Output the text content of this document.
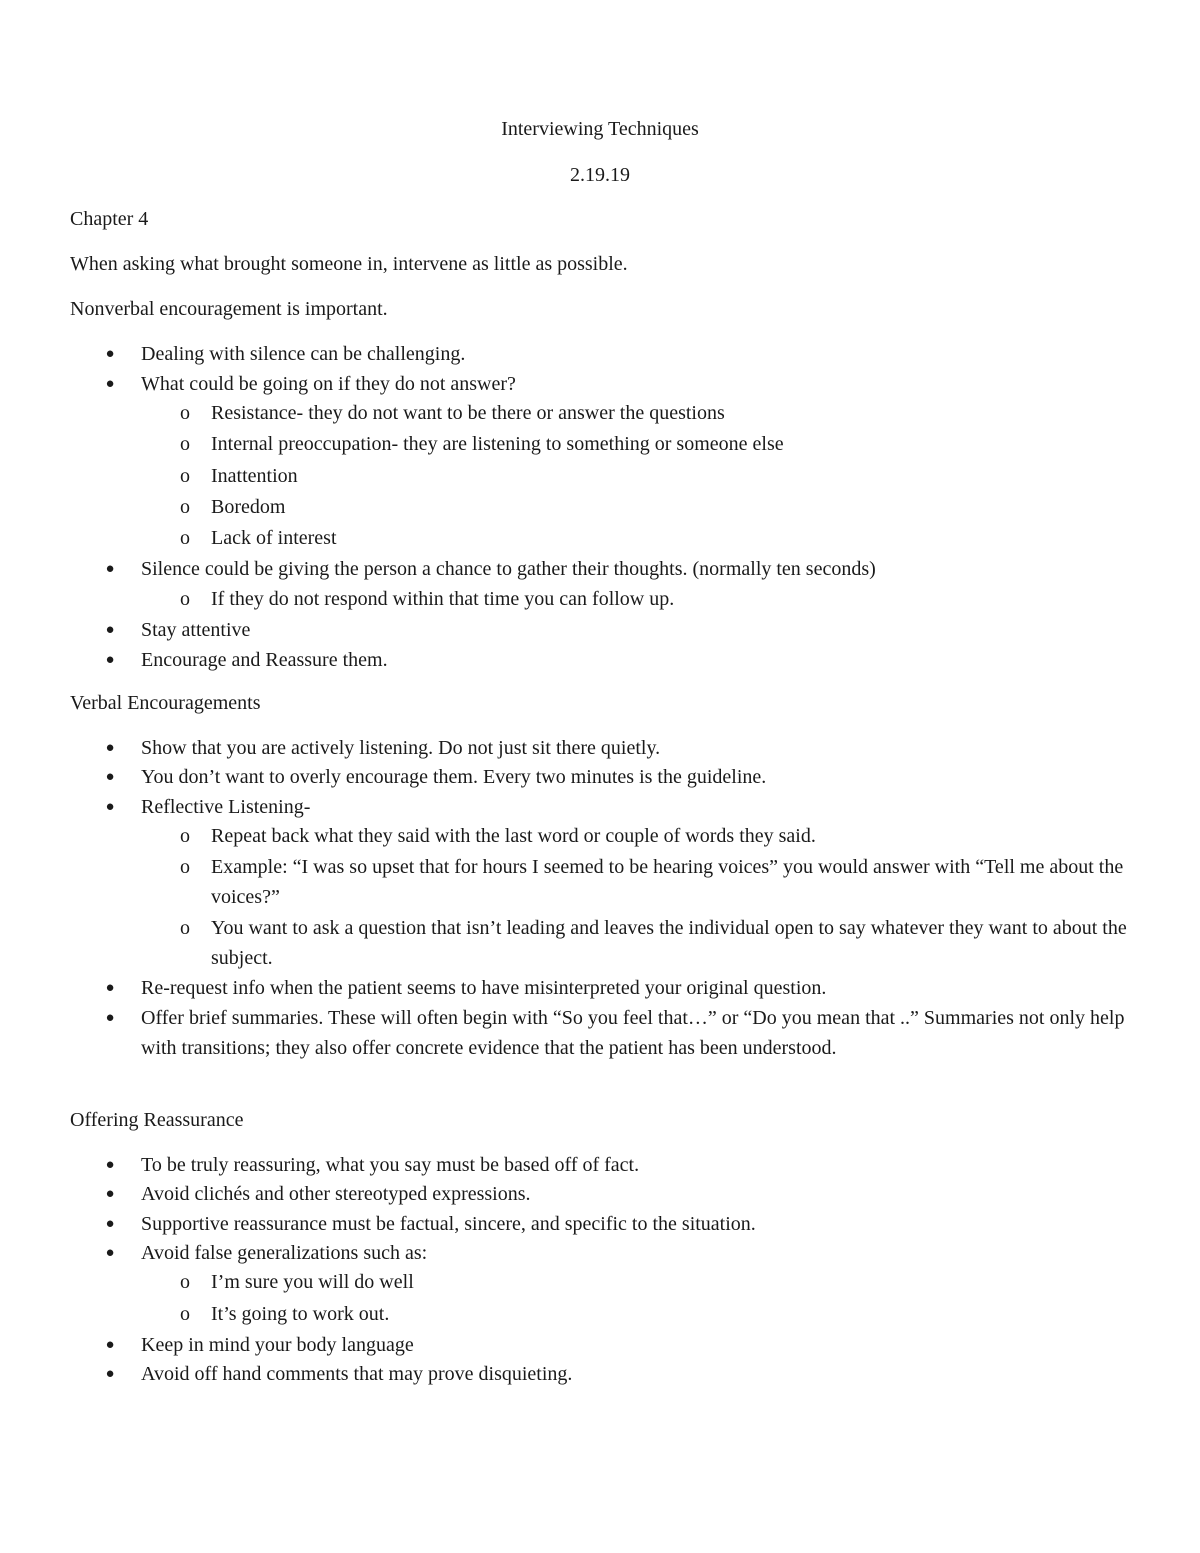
Interviewing Techniques

2.19.19

Chapter 4

When asking what brought someone in, intervene as little as possible.

Nonverbal encouragement is important.

● Dealing with silence can be challenging.
● What could be going on if they do not answer?
o Resistance- they do not want to be there or answer the questions
o Internal preoccupation- they are listening to something or someone else
o Inattention
o Boredom
o Lack of interest
● Silence could be giving the person a chance to gather their thoughts. (normally ten seconds)
o If they do not respond within that time you can follow up.
● Stay attentive
● Encourage and Reassure them.

Verbal Encouragements

● Show that you are actively listening. Do not just sit there quietly.
● You don’t want to overly encourage them. Every two minutes is the guideline.
● Reflective Listening-
o Repeat back what they said with the last word or couple of words they said.
o Example: “I was so upset that for hours I seemed to be hearing voices” you would answer with “Tell me about the voices?”
o You want to ask a question that isn’t leading and leaves the individual open to say whatever they want to about the subject.
● Re-request info when the patient seems to have misinterpreted your original question.
● Offer brief summaries. These will often begin with “So you feel that…” or “Do you mean that ..” Summaries not only help with transitions; they also offer concrete evidence that the patient has been understood.

Offering Reassurance

● To be truly reassuring, what you say must be based off of fact.
● Avoid clichés and other stereotyped expressions.
● Supportive reassurance must be factual, sincere, and specific to the situation.
● Avoid false generalizations such as:
o I’m sure you will do well
o It’s going to work out.
● Keep in mind your body language
● Avoid off hand comments that may prove disquieting.
